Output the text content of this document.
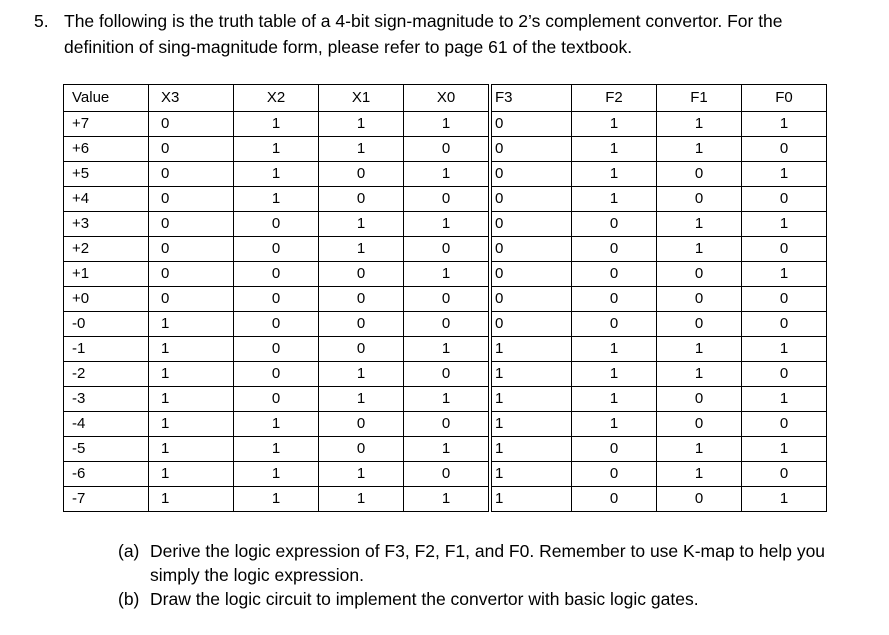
5. The following is the truth table of a 4-bit sign-magnitude to 2’s complement convertor. For the definition of sing-magnitude form, please refer to page 61 of the textbook.
Value	X3	X2	X1	X0	F3	F2	F1	F0
+7	0	1	1	1	0	1	1	1
+6	0	1	1	0	0	1	1	0
+5	0	1	0	1	0	1	0	1
+4	0	1	0	0	0	1	0	0
+3	0	0	1	1	0	0	1	1
+2	0	0	1	0	0	0	1	0
+1	0	0	0	1	0	0	0	1
+0	0	0	0	0	0	0	0	0
-0	1	0	0	0	0	0	0	0
-1	1	0	0	1	1	1	1	1
-2	1	0	1	0	1	1	1	0
-3	1	0	1	1	1	1	0	1
-4	1	1	0	0	1	1	0	0
-5	1	1	0	1	1	0	1	1
-6	1	1	1	0	1	0	1	0
-7	1	1	1	1	1	0	0	1
(a) Derive the logic expression of F3, F2, F1, and F0. Remember to use K-map to help you simply the logic expression.
(b) Draw the logic circuit to implement the convertor with basic logic gates.
